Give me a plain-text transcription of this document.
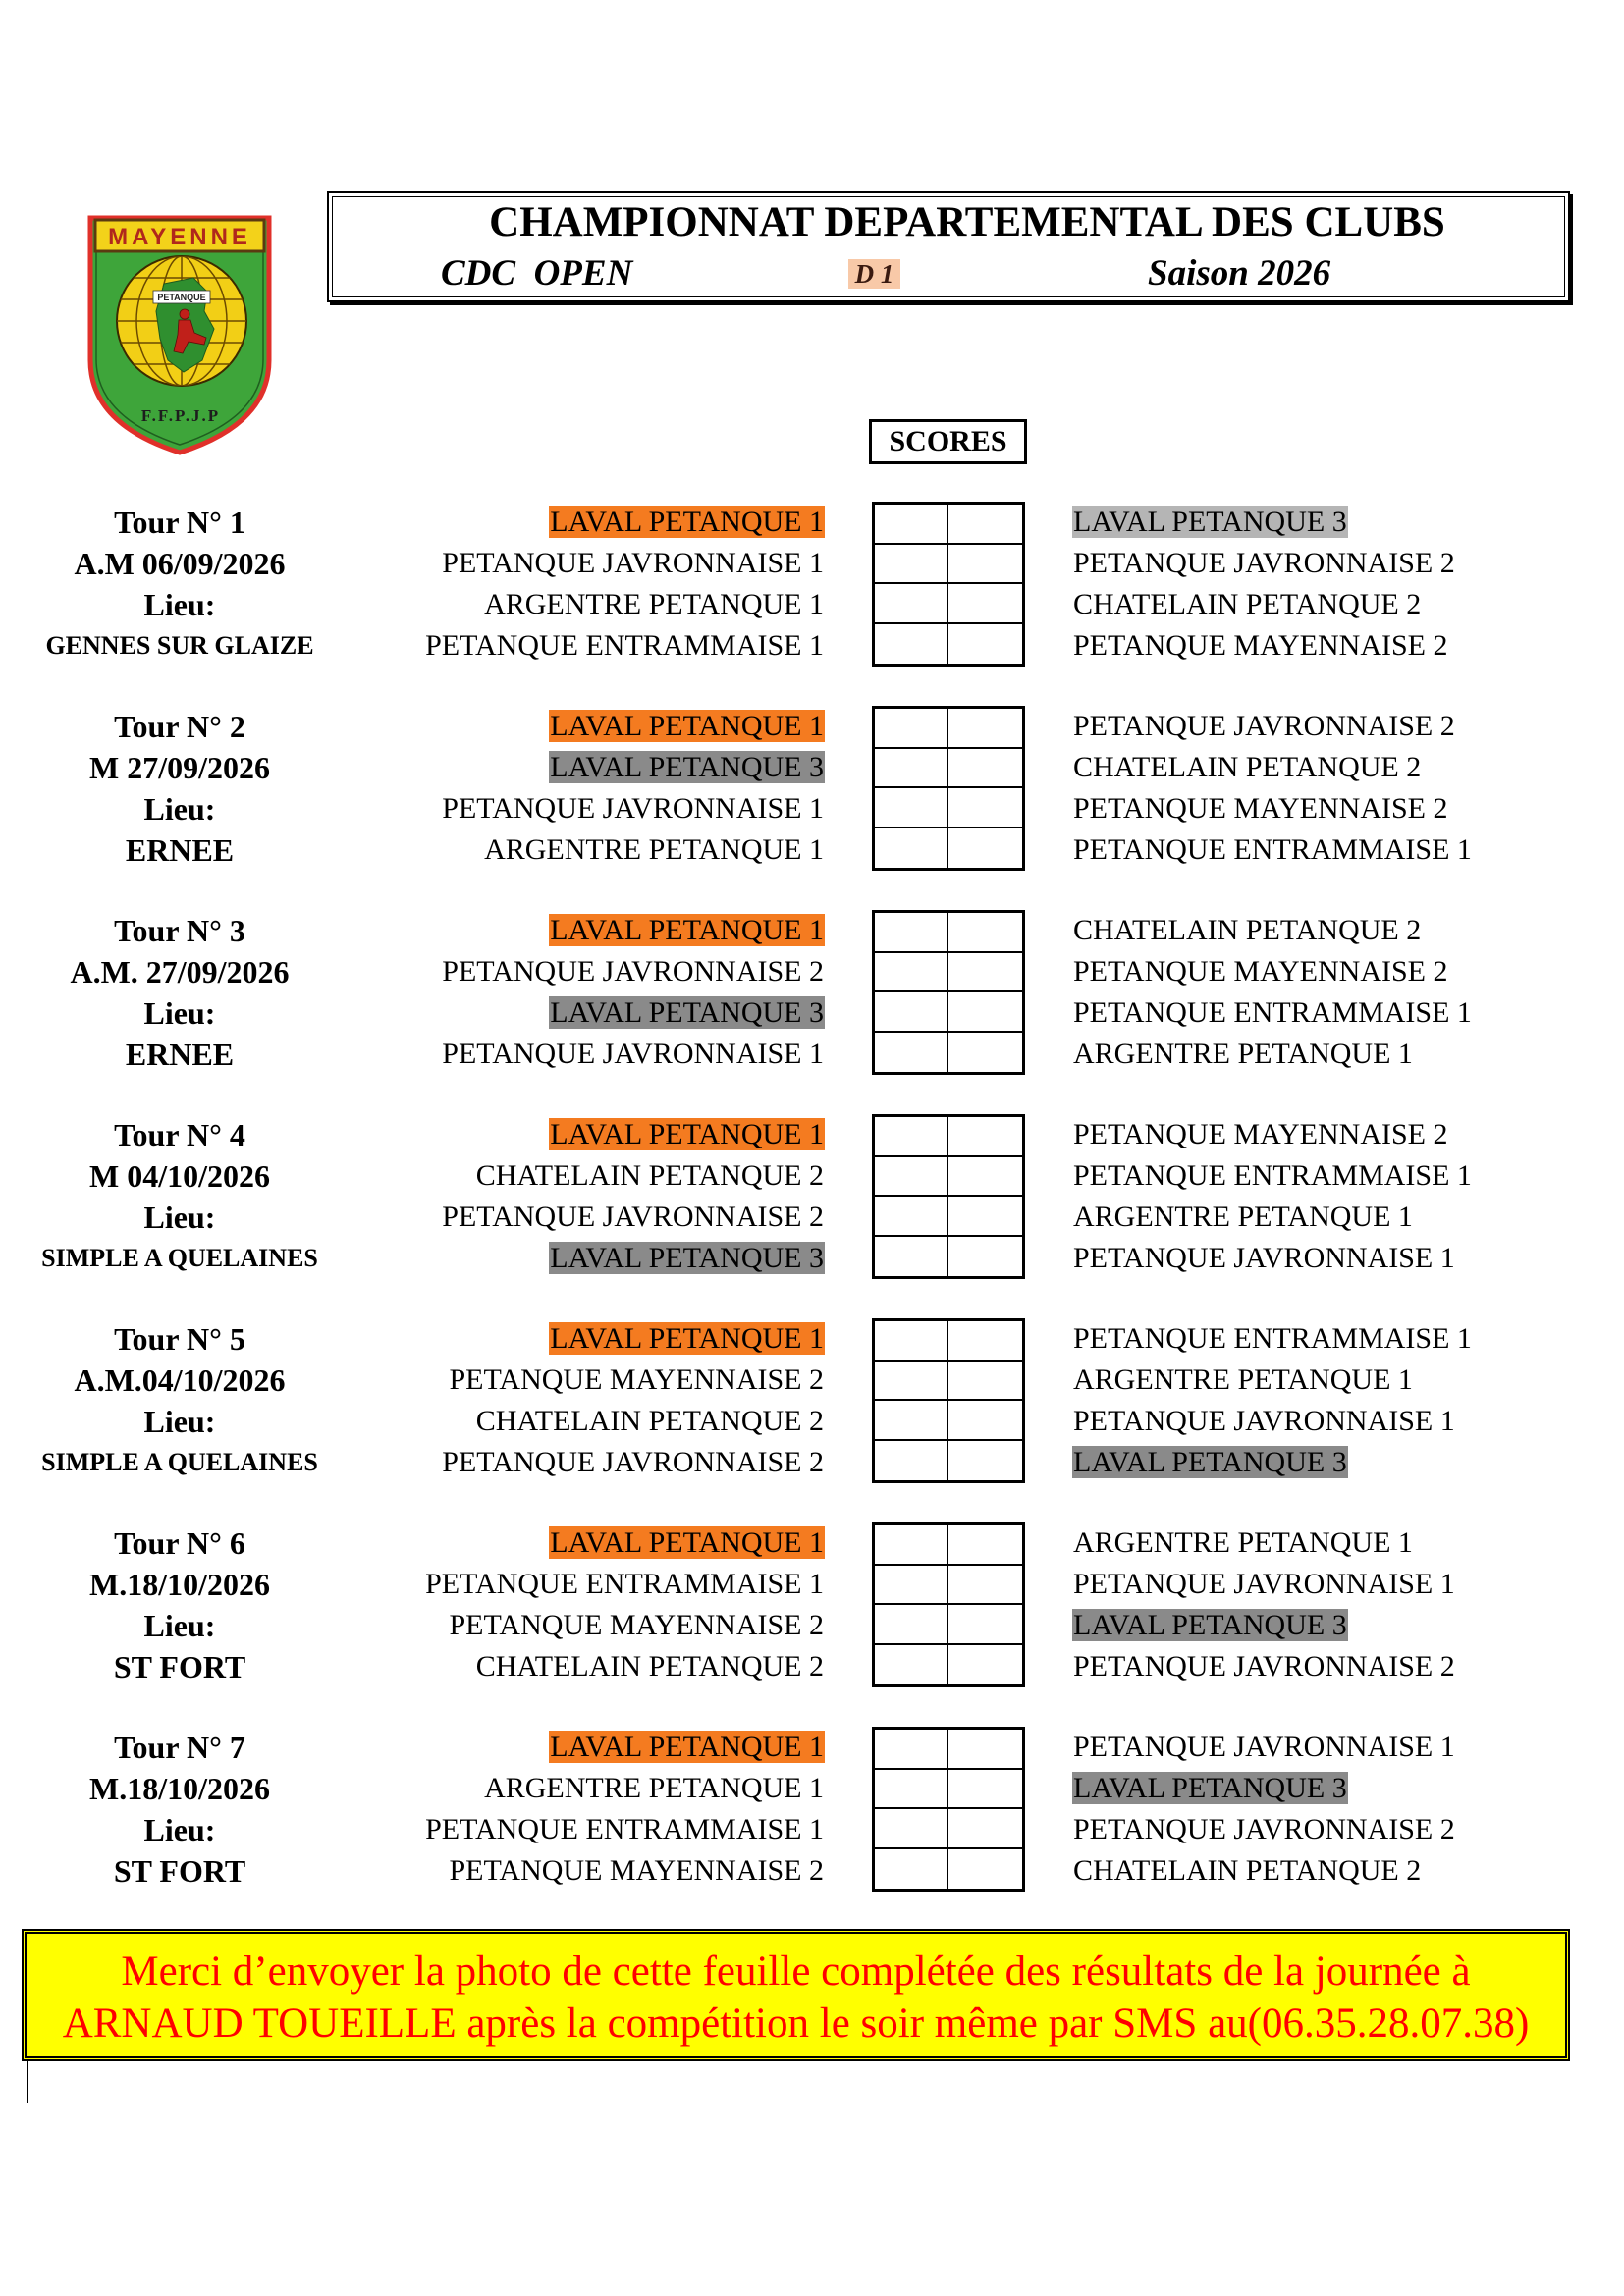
MAYENNE
PETANQUE
F.F.P.J.P
CHAMPIONNAT DEPARTEMENTAL DES CLUBS
CDC  OPEN	D 1	Saison 2026
SCORES
Tour N° 1
A.M 06/09/2026
Lieu:
GENNES SUR GLAIZE
LAVAL PETANQUE 1
PETANQUE JAVRONNAISE 1
ARGENTRE PETANQUE 1
PETANQUE ENTRAMMAISE 1
LAVAL PETANQUE 3
PETANQUE JAVRONNAISE 2
CHATELAIN PETANQUE 2
PETANQUE MAYENNAISE 2
Tour N° 2
M 27/09/2026
Lieu:
ERNEE
LAVAL PETANQUE 1
LAVAL PETANQUE 3
PETANQUE JAVRONNAISE 1
ARGENTRE PETANQUE 1
PETANQUE JAVRONNAISE 2
CHATELAIN PETANQUE 2
PETANQUE MAYENNAISE 2
PETANQUE ENTRAMMAISE 1
Tour N° 3
A.M. 27/09/2026
Lieu:
ERNEE
LAVAL PETANQUE 1
PETANQUE JAVRONNAISE 2
LAVAL PETANQUE 3
PETANQUE JAVRONNAISE 1
CHATELAIN PETANQUE 2
PETANQUE MAYENNAISE 2
PETANQUE ENTRAMMAISE 1
ARGENTRE PETANQUE 1
Tour N° 4
M 04/10/2026
Lieu:
SIMPLE A QUELAINES
LAVAL PETANQUE 1
CHATELAIN PETANQUE 2
PETANQUE JAVRONNAISE 2
LAVAL PETANQUE 3
PETANQUE MAYENNAISE 2
PETANQUE ENTRAMMAISE 1
ARGENTRE PETANQUE 1
PETANQUE JAVRONNAISE 1
Tour N° 5
A.M.04/10/2026
Lieu:
SIMPLE A QUELAINES
LAVAL PETANQUE 1
PETANQUE MAYENNAISE 2
CHATELAIN PETANQUE 2
PETANQUE JAVRONNAISE 2
PETANQUE ENTRAMMAISE 1
ARGENTRE PETANQUE 1
PETANQUE JAVRONNAISE 1
LAVAL PETANQUE 3
Tour N° 6
M.18/10/2026
Lieu:
ST FORT
LAVAL PETANQUE 1
PETANQUE ENTRAMMAISE 1
PETANQUE MAYENNAISE 2
CHATELAIN PETANQUE 2
ARGENTRE PETANQUE 1
PETANQUE JAVRONNAISE 1
LAVAL PETANQUE 3
PETANQUE JAVRONNAISE 2
Tour N° 7
M.18/10/2026
Lieu:
ST FORT
LAVAL PETANQUE 1
ARGENTRE PETANQUE 1
PETANQUE ENTRAMMAISE 1
PETANQUE MAYENNAISE 2
PETANQUE JAVRONNAISE 1
LAVAL PETANQUE 3
PETANQUE JAVRONNAISE 2
CHATELAIN PETANQUE 2
Merci d’envoyer la photo de cette feuille complétée des résultats de la journée à
ARNAUD TOUEILLE après la compétition le soir même par SMS au(06.35.28.07.38)
